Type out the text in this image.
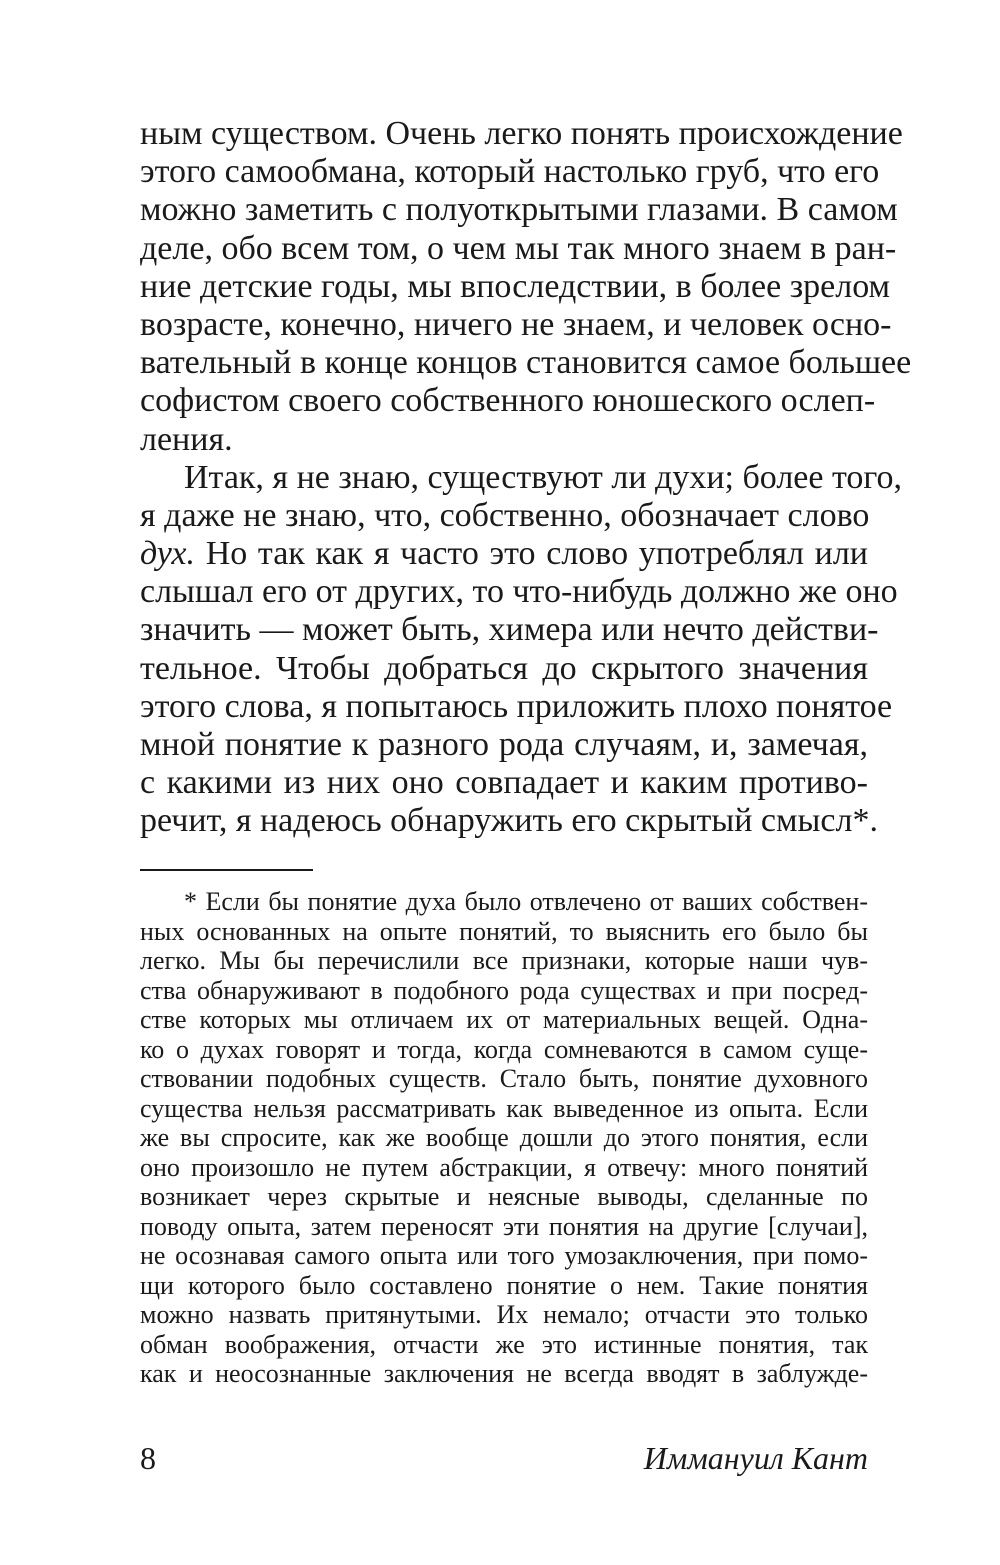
ным существом. Очень легко понять происхождение
этого самообмана, который настолько груб, что его
можно заметить с полуоткрытыми глазами. В самом
деле, обо всем том, о чем мы так много знаем в ран-
ние детские годы, мы впоследствии, в более зрелом
возрасте, конечно, ничего не знаем, и человек осно-
вательный в конце концов становится самое большее
софистом своего собственного юношеского ослеп-
ления.
Итак, я не знаю, существуют ли духи; более того,
я даже не знаю, что, собственно, обозначает слово
дух. Но так как я часто это слово употреблял или
слышал его от других, то что-нибудь должно же оно
значить — может быть, химера или нечто действи-
тельное. Чтобы добраться до скрытого значения
этого слова, я попытаюсь приложить плохо понятое
мной понятие к разного рода случаям, и, замечая,
с какими из них оно совпадает и каким противо-
речит, я надеюсь обнаружить его скрытый смысл*.
* Если бы понятие духа было отвлечено от ваших собствен-
ных основанных на опыте понятий, то выяснить его было бы
легко. Мы бы перечислили все признаки, которые наши чув-
ства обнаруживают в подобного рода существах и при посред-
стве которых мы отличаем их от материальных вещей. Одна-
ко о духах говорят и тогда, когда сомневаются в самом суще-
ствовании подобных существ. Стало быть, понятие духовного
существа нельзя рассматривать как выведенное из опыта. Если
же вы спросите, как же вообще дошли до этого понятия, если
оно произошло не путем абстракции, я отвечу: много понятий
возникает через скрытые и неясные выводы, сделанные по
поводу опыта, затем переносят эти понятия на другие [случаи],
не осознавая самого опыта или того умозаключения, при помо-
щи которого было составлено понятие о нем. Такие понятия
можно назвать притянутыми. Их немало; отчасти это только
обман воображения, отчасти же это истинные понятия, так
как и неосознанные заключения не всегда вводят в заблужде-
8	Иммануил Кант
